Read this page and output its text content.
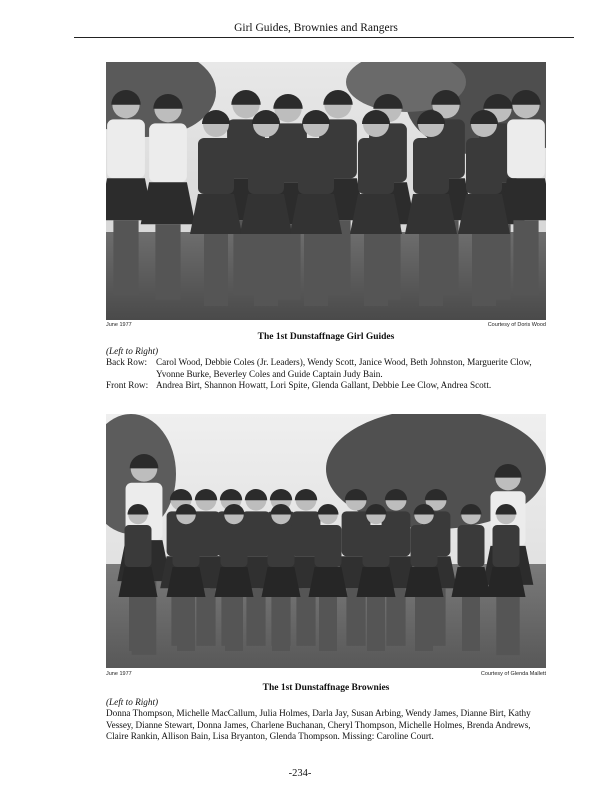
Girl Guides, Brownies and Rangers
June 1977	Courtesy of Doris Wood
The 1st Dunstaffnage Girl Guides
(Left to Right)
Back Row: Carol Wood, Debbie Coles (Jr. Leaders), Wendy Scott, Janice Wood, Beth Johnston, Marguerite Clow, Yvonne Burke, Beverley Coles and Guide Captain Judy Bain.
Front Row: Andrea Birt, Shannon Howatt, Lori Spite, Glenda Gallant, Debbie Lee Clow, Andrea Scott.
June 1977	Courtesy of Glenda Mallett
The 1st Dunstaffnage Brownies
(Left to Right)
Donna Thompson, Michelle MacCallum, Julia Holmes, Darla Jay, Susan Arbing, Wendy James, Dianne Birt, Kathy Vessey, Dianne Stewart, Donna James, Charlene Buchanan, Cheryl Thompson, Michelle Holmes, Brenda Andrews, Claire Rankin, Allison Bain, Lisa Bryanton, Glenda Thompson. Missing: Caroline Court.
-234-
